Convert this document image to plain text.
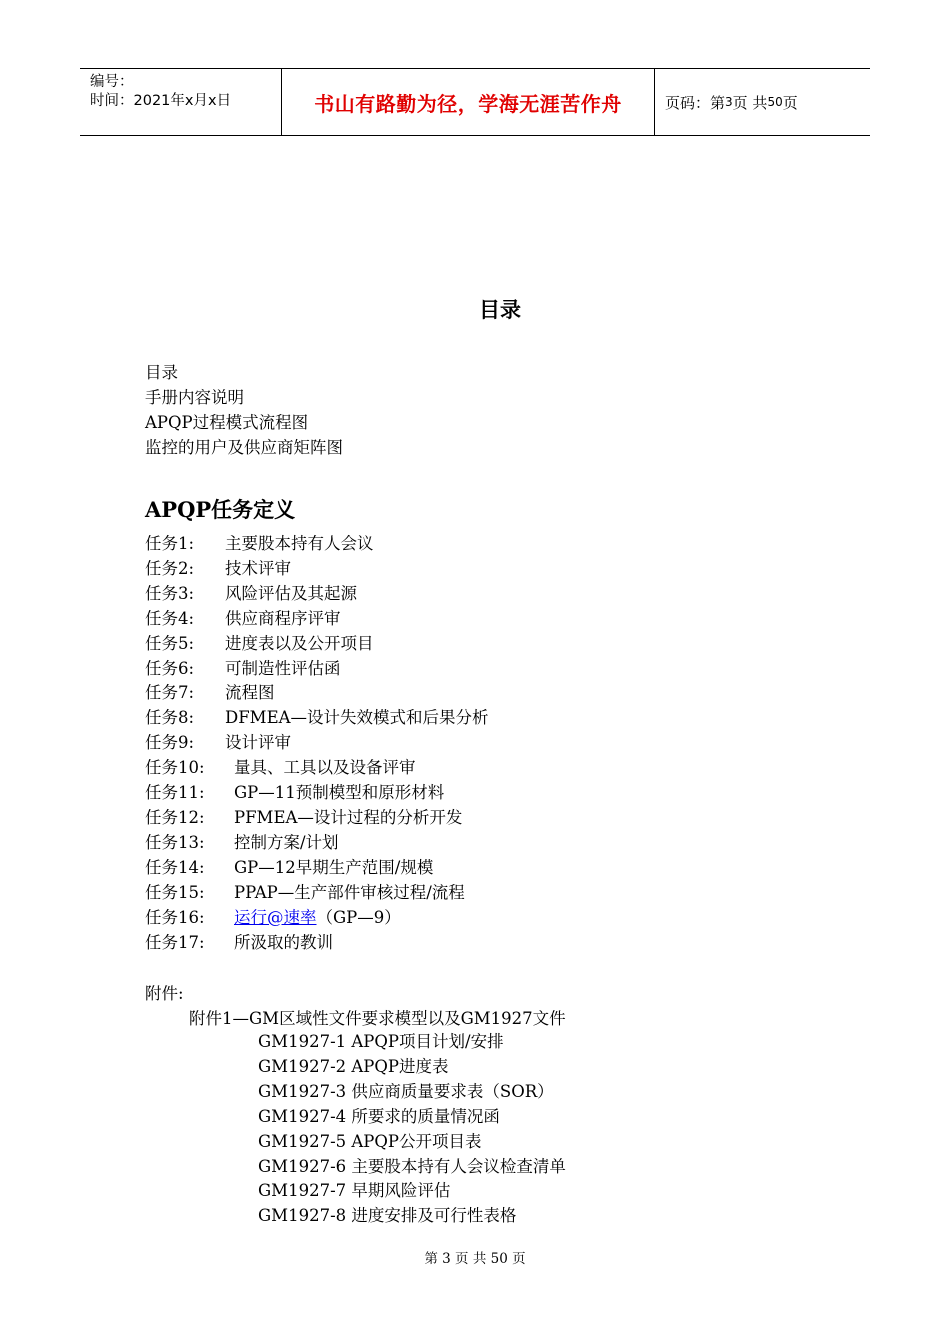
编号：
时间：2021年x月x日	书山有路勤为径，学海无涯苦作舟	页码：第 3 页 共 50 页
目录
目录
手册内容说明
APQP过程模式流程图
监控的用户及供应商矩阵图
APQP任务定义
任务1: 主要股本持有人会议
任务2: 技术评审
任务3: 风险评估及其起源
任务4: 供应商程序评审
任务5: 进度表以及公开项目
任务6: 可制造性评估函
任务7: 流程图
任务8: DFMEA—设计失效模式和后果分析
任务9: 设计评审
任务10: 量具、工具以及设备评审
任务11: GP—11预制模型和原形材料
任务12: PFMEA—设计过程的分析开发
任务13: 控制方案/计划
任务14: GP—12早期生产范围/规模
任务15: PPAP—生产部件审核过程/流程
任务16: 运行@速率（GP—9）
任务17: 所汲取的教训
附件:
附件1—GM区域性文件要求模型以及GM1927文件
GM1927-1 APQP项目计划/安排
GM1927-2 APQP进度表
GM1927-3 供应商质量要求表（SOR）
GM1927-4 所要求的质量情况函
GM1927-5 APQP公开项目表
GM1927-6 主要股本持有人会议检查清单
GM1927-7 早期风险评估
GM1927-8 进度安排及可行性表格
第 3 页 共 50 页
